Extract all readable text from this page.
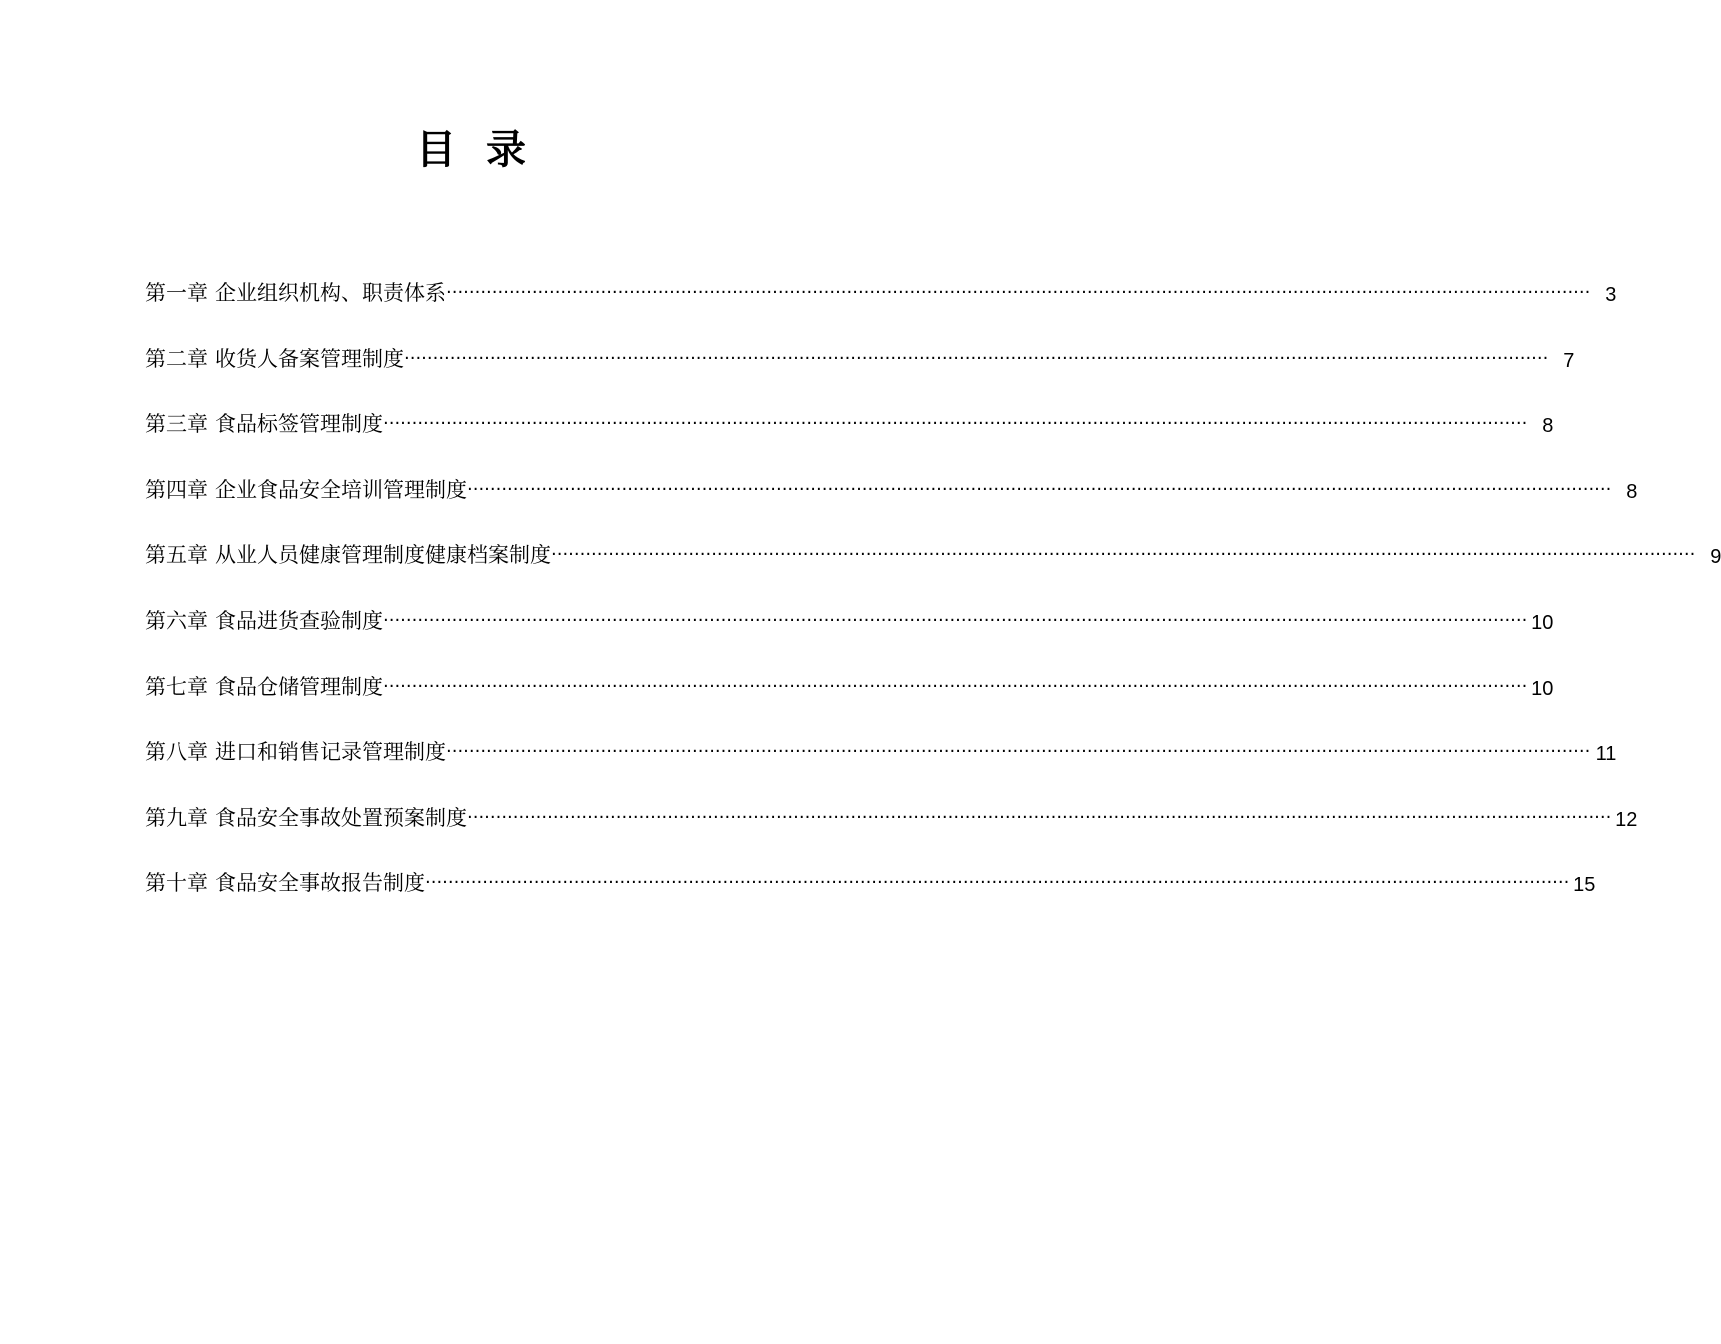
目 录
第一章 企业组织机构、职责体系 ········································································································································································································ 3
第二章 收货人备案管理制度 ········································································································································································································ 7
第三章 食品标签管理制度 ········································································································································································································ 8
第四章 企业食品安全培训管理制度 ········································································································································································································ 8
第五章 从业人员健康管理制度健康档案制度 ········································································································································································································ 9
第六章 食品进货查验制度 ········································································································································································································ 10
第七章 食品仓储管理制度 ········································································································································································································ 10
第八章 进口和销售记录管理制度 ········································································································································································································ 11
第九章 食品安全事故处置预案制度 ········································································································································································································ 12
第十章 食品安全事故报告制度 ········································································································································································································ 15
